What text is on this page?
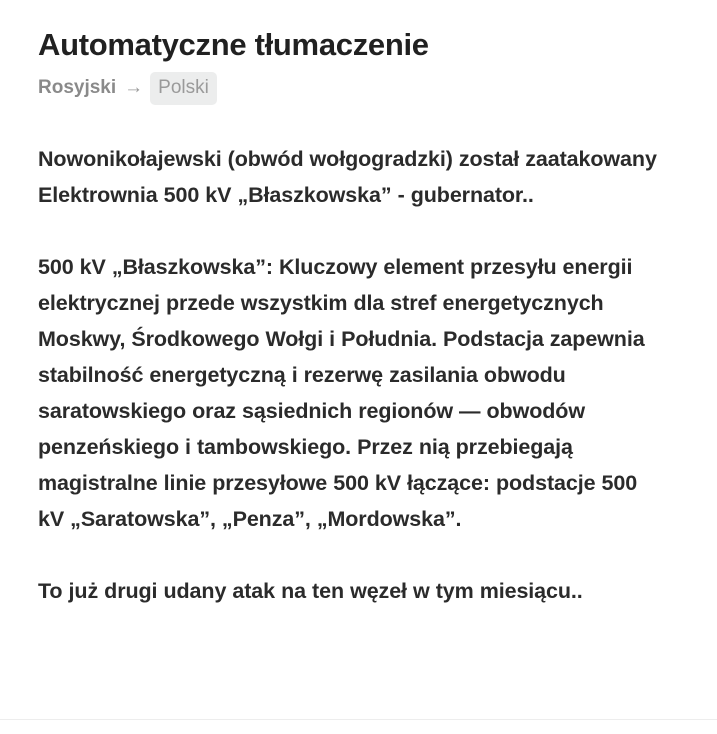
Automatyczne tłumaczenie
Rosyjski → Polski

Nowonikołajewski (obwód wołgogradzki) został zaatakowany Elektrownia 500 kV „Błaszkowska” - gubernator..

500 kV „Błaszkowska”: Kluczowy element przesyłu energii elektrycznej przede wszystkim dla stref energetycznych Moskwy, Środkowego Wołgi i Południa. Podstacja zapewnia stabilność energetyczną i rezerwę zasilania obwodu saratowskiego oraz sąsiednich regionów — obwodów penzeńskiego i tambowskiego. Przez nią przebiegają magistralne linie przesyłowe 500 kV łączące: podstacje 500 kV „Saratowska”, „Penza”, „Mordowska”.

To już drugi udany atak na ten węzeł w tym miesiącu..
